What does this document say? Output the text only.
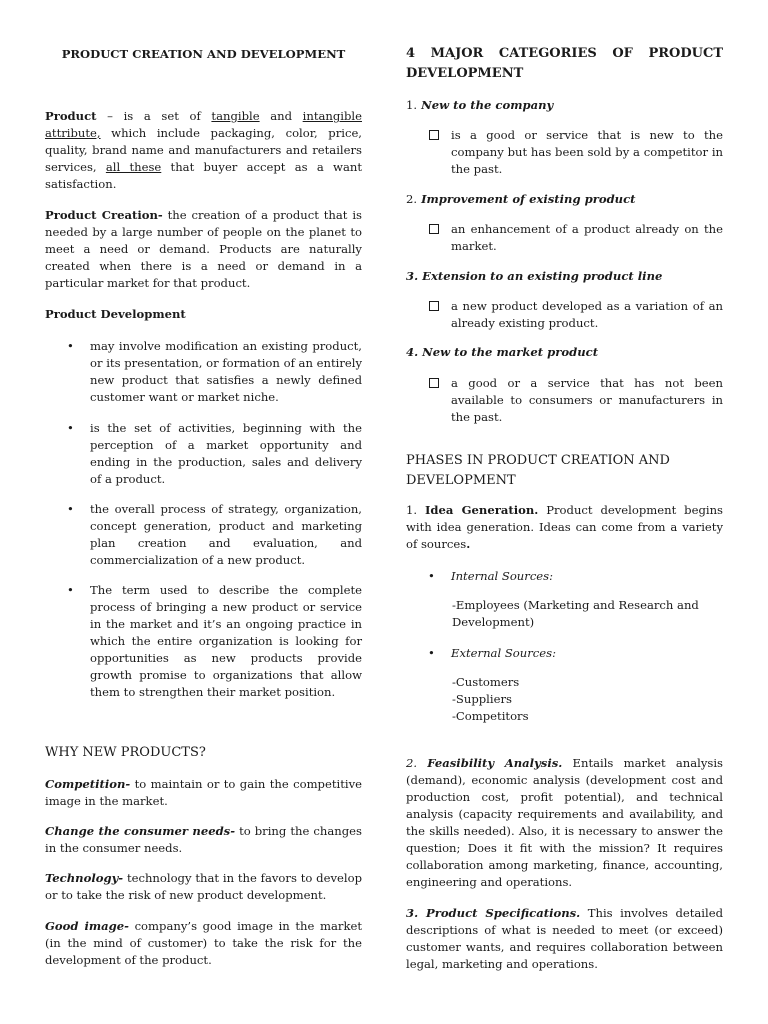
PRODUCT CREATION AND DEVELOPMENT

Product – is a set of tangible and intangible attribute, which include packaging, color, price, quality, brand name and manufacturers and retailers services, all these that buyer accept as a want satisfaction.

Product Creation- the creation of a product that is needed by a large number of people on the planet to meet a need or demand. Products are naturally created when there is a need or demand in a particular market for that product.

Product Development

• may involve modification an existing product, or its presentation, or formation of an entirely new product that satisfies a newly defined customer want or market niche.
• is the set of activities, beginning with the perception of a market opportunity and ending in the production, sales and delivery of a product.
• the overall process of strategy, organization, concept generation, product and marketing plan creation and evaluation, and commercialization of a new product.
• The term used to describe the complete process of bringing a new product or service in the market and it’s an ongoing practice in which the entire organization is looking for opportunities as new products provide growth promise to organizations that allow them to strengthen their market position.

WHY NEW PRODUCTS?

Competition- to maintain or to gain the competitive image in the market.

Change the consumer needs- to bring the changes in the consumer needs.

Technology- technology that in the favors to develop or to take the risk of new product development.

Good image- company’s good image in the market (in the mind of customer) to take the risk for the development of the product.

4 MAJOR CATEGORIES OF PRODUCT DEVELOPMENT

1. New to the company

is a good or service that is new to the company but has been sold by a competitor in the past.

2. Improvement of existing product

an enhancement of a product already on the market.

3. Extension to an existing product line

a new product developed as a variation of an already existing product.

4. New to the market product

a good or a service that has not been available to consumers or manufacturers in the past.

PHASES IN PRODUCT CREATION AND DEVELOPMENT

1. Idea Generation. Product development begins with idea generation. Ideas can come from a variety of sources.

• Internal Sources:
-Employees (Marketing and Research and Development)
• External Sources:
-Customers
-Suppliers
-Competitors

2. Feasibility Analysis. Entails market analysis (demand), economic analysis (development cost and production cost, profit potential), and technical analysis (capacity requirements and availability, and the skills needed). Also, it is necessary to answer the question; Does it fit with the mission? It requires collaboration among marketing, finance, accounting, engineering and operations.

3. Product Specifications. This involves detailed descriptions of what is needed to meet (or exceed) customer wants, and requires collaboration between legal, marketing and operations.
